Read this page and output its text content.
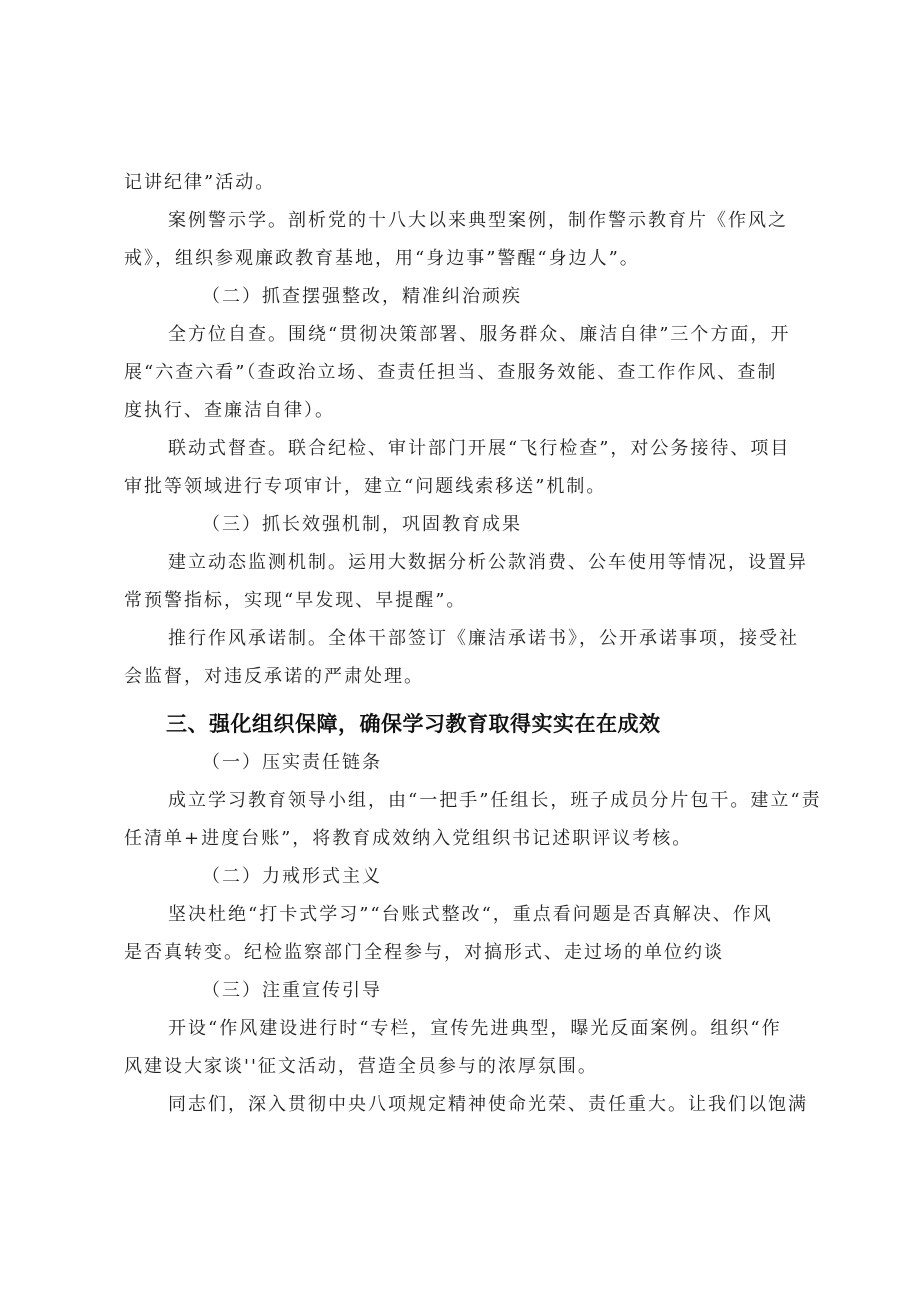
记讲纪律”活动。
案例警示学。剖析党的十八大以来典型案例，制作警示教育片《作风之
戒》，组织参观廉政教育基地，用“身边事”警醒“身边人”。
（二）抓查摆强整改，精准纠治顽疾
全方位自查。围绕“贯彻决策部署、服务群众、廉洁自律”三个方面，开
展“六查六看”（查政治立场、查责任担当、查服务效能、查工作作风、查制
度执行、查廉洁自律）。
联动式督查。联合纪检、审计部门开展“飞行检查”，对公务接待、项目
审批等领域进行专项审计，建立“问题线索移送”机制。
（三）抓长效强机制，巩固教育成果
建立动态监测机制。运用大数据分析公款消费、公车使用等情况，设置异
常预警指标，实现“早发现、早提醒”。
推行作风承诺制。全体干部签订《廉洁承诺书》，公开承诺事项，接受社
会监督，对违反承诺的严肃处理。
三、强化组织保障，确保学习教育取得实实在在成效
（一）压实责任链条
成立学习教育领导小组，由“一把手”任组长，班子成员分片包干。建立“责
任清单+进度台账”，将教育成效纳入党组织书记述职评议考核。
（二）力戒形式主义
坚决杜绝“打卡式学习”“台账式整改“，重点看问题是否真解决、作风
是否真转变。纪检监察部门全程参与，对搞形式、走过场的单位约谈
（三）注重宣传引导
开设“作风建设进行时“专栏，宣传先进典型，曝光反面案例。组织“作
风建设大家谈''征文活动，营造全员参与的浓厚氛围。
同志们，深入贯彻中央八项规定精神使命光荣、责任重大。让我们以饱满
